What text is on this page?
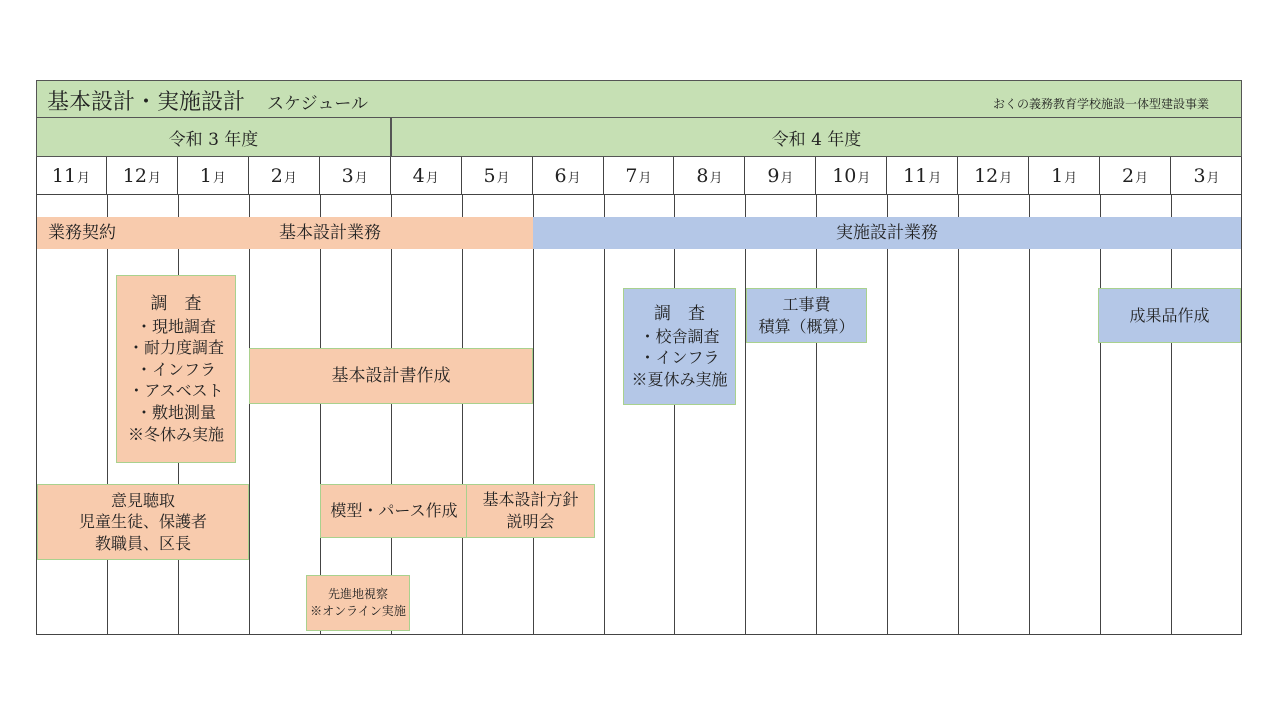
基本設計・実施設計 スケジュール	おくの義務教育学校施設一体型建設事業
令和 3 年度	令和 4 年度
11 月 12 月 1 月 2 月 3 月 4 月 5 月 6 月 7 月 8 月 9 月 10 月 11 月 12 月 1 月 2 月 3 月
業務契約	基本設計業務	実施設計業務
調　査
・現地調査
・耐力度調査
・インフラ
・アスベスト
・敷地測量
※冬休み実施
基本設計書作成
意見聴取
児童生徒、保護者
教職員、区長
模型・パース作成
基本設計方針
説明会
先進地視察
※オンライン実施
調　査
・校舎調査
・インフラ
※夏休み実施
工事費
積算（概算）
成果品作成
